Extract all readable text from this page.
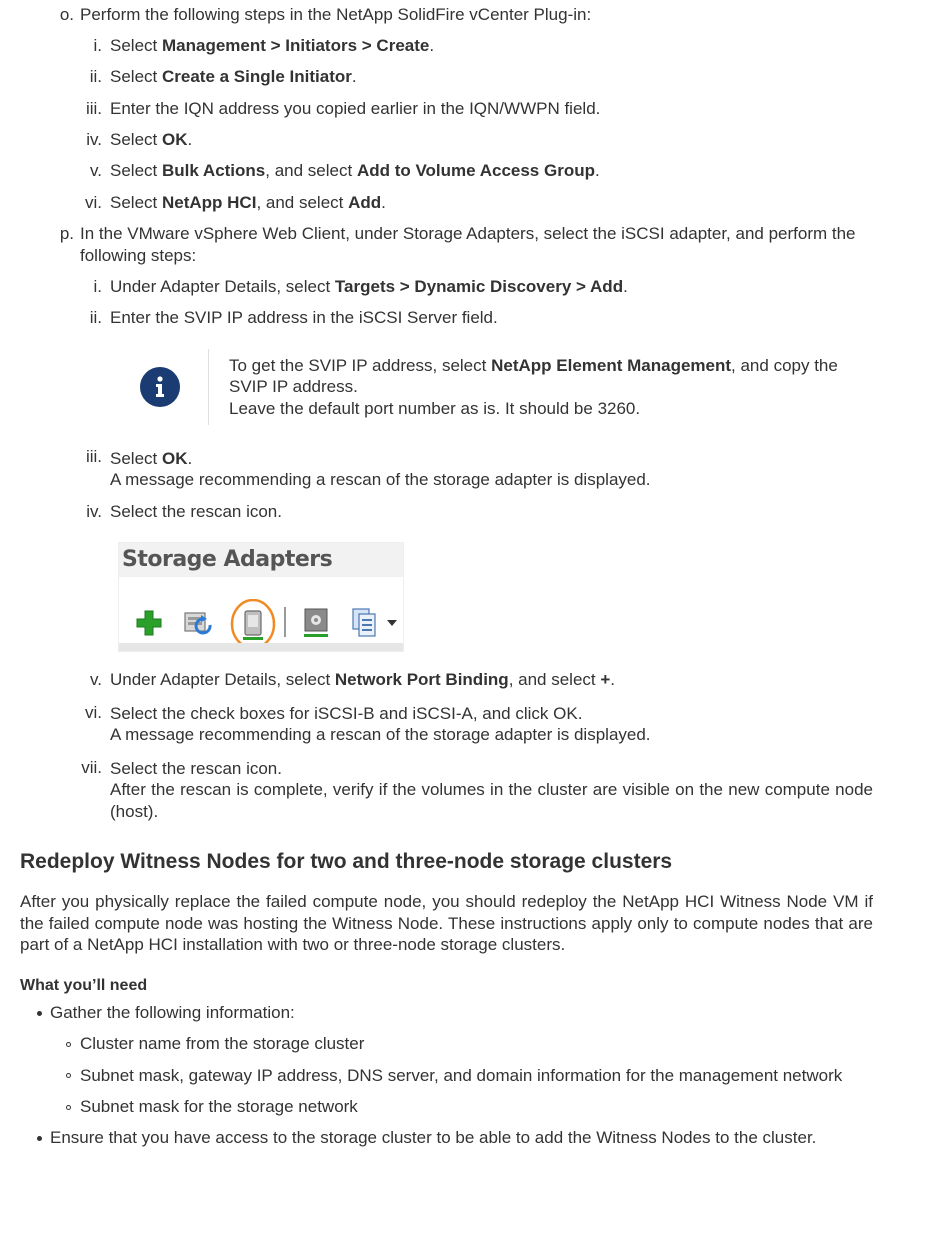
o. Perform the following steps in the NetApp SolidFire vCenter Plug-in:
i. Select Management > Initiators > Create.
ii. Select Create a Single Initiator.
iii. Enter the IQN address you copied earlier in the IQN/WWPN field.
iv. Select OK.
v. Select Bulk Actions, and select Add to Volume Access Group.
vi. Select NetApp HCI, and select Add.
p. In the VMware vSphere Web Client, under Storage Adapters, select the iSCSI adapter, and perform the
following steps:
i. Under Adapter Details, select Targets > Dynamic Discovery > Add.
ii. Enter the SVIP IP address in the iSCSI Server field.
To get the SVIP IP address, select NetApp Element Management, and copy the
SVIP IP address.
Leave the default port number as is. It should be 3260.
iii. Select OK.
A message recommending a rescan of the storage adapter is displayed.
iv. Select the rescan icon.
Storage Adapters
v. Under Adapter Details, select Network Port Binding, and select +.
vi. Select the check boxes for iSCSI-B and iSCSI-A, and click OK.
A message recommending a rescan of the storage adapter is displayed.
vii. Select the rescan icon.
After the rescan is complete, verify if the volumes in the cluster are visible on the new compute node (host).
Redeploy Witness Nodes for two and three-node storage clusters
After you physically replace the failed compute node, you should redeploy the NetApp HCI Witness Node VM if the failed compute node was hosting the Witness Node. These instructions apply only to compute nodes that are part of a NetApp HCI installation with two or three-node storage clusters.
What you’ll need
Gather the following information:
Cluster name from the storage cluster
Subnet mask, gateway IP address, DNS server, and domain information for the management network
Subnet mask for the storage network
Ensure that you have access to the storage cluster to be able to add the Witness Nodes to the cluster.
